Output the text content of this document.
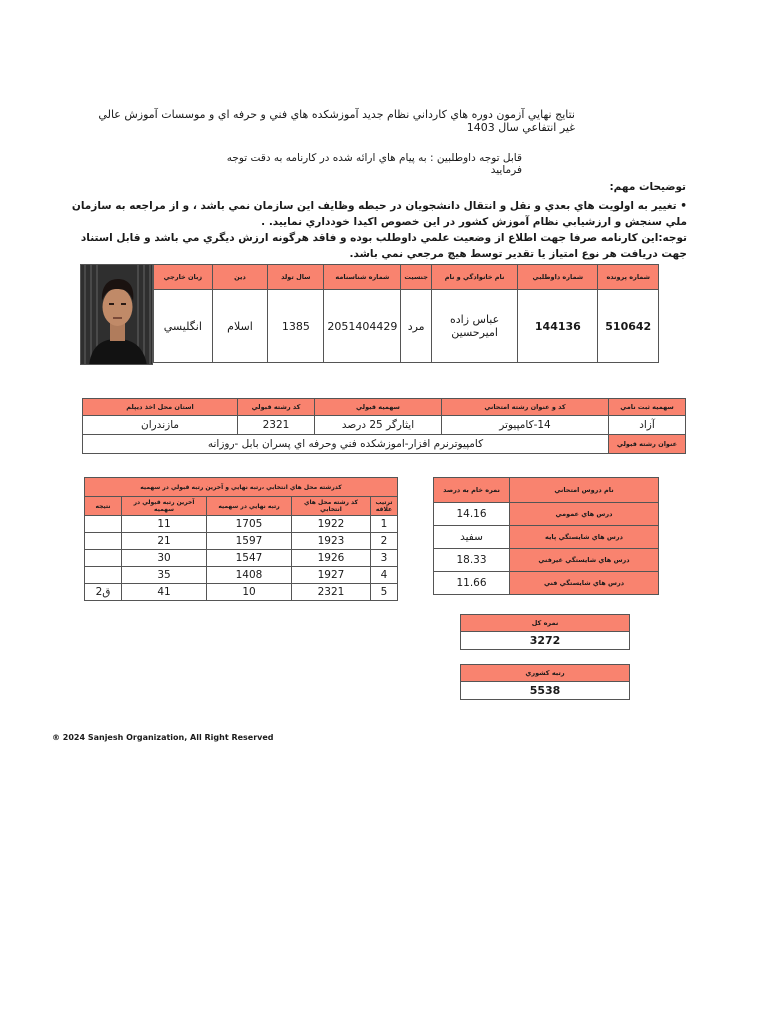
نتايج نهايي آزمون دوره هاي كارداني نظام جديد آموزشكده هاي فني و حرفه اي و موسسات آموزش عالي غير انتفاعي سال 1403
قابل توجه داوطلبين : به پيام هاي ارائه شده در كارنامه به دقت توجه فرماييد
توضيحات مهم:

• تغيير به اولويت هاي بعدي و نقل و انتقال دانشجويان در حيطه وظايف اين سازمان نمي باشد ، و از مراجعه به سازمان ملي سنجش و ارزشيابي نظام آموزش كشور در اين خصوص اكيدا خودداري نماييد. .

توجه:اين كارنامه صرفا جهت اطلاع از وضعيت علمي داوطلب بوده و فاقد هرگونه ارزش ديگري مي باشد و قابل استناد جهت دريافت هر نوع امتياز يا تقدير توسط هيچ مرجعي نمي باشد.

شماره پرونده	شماره داوطلبي	نام خانوادگي و نام	جنسيت	شماره شناسنامه	سال تولد	دين	زبان خارجي
510642	144136	عباس زاده اميرحسين	مرد	2051404429	1385	اسلام	انگليسي
سهميه ثبت نامي	كد و عنوان رشته امتحاني	سهميه قبولي	كد رشته قبولي	استان محل اخذ ديپلم
آزاد	14-كامپيوتر	ايثارگر 25 درصد	2321	مازندران
عنوان رشته قبولي	كامپيوترنرم افزار-اموزشكده فني وحرفه اي پسران بابل -روزانه			
كدرشته محل هاي انتخابي ،رتبه نهايي و آخرين رتبه قبولي در سهميه				
ترتيب علاقه	كد رشته محل هاي انتخابي	رتبه نهايي در سهميه	آخرين رتبه قبولي در سهميه	نتيجه
1	1922	1705	11	
2	1923	1597	21	
3	1926	1547	30	
4	1927	1408	35	
5	2321	10	41	ق2
نام دروس امتحاني	نمره خام به درصد
درس هاي عمومي	14.16
درس هاي شايستگي پايه	سفيد
درس هاي شايستگي غيرفني	18.33
درس هاي شايستگي فني	11.66
نمره كل
3272
رتبه كشوري
5538
® 2024 Sanjesh Organization, All Right Reserved
